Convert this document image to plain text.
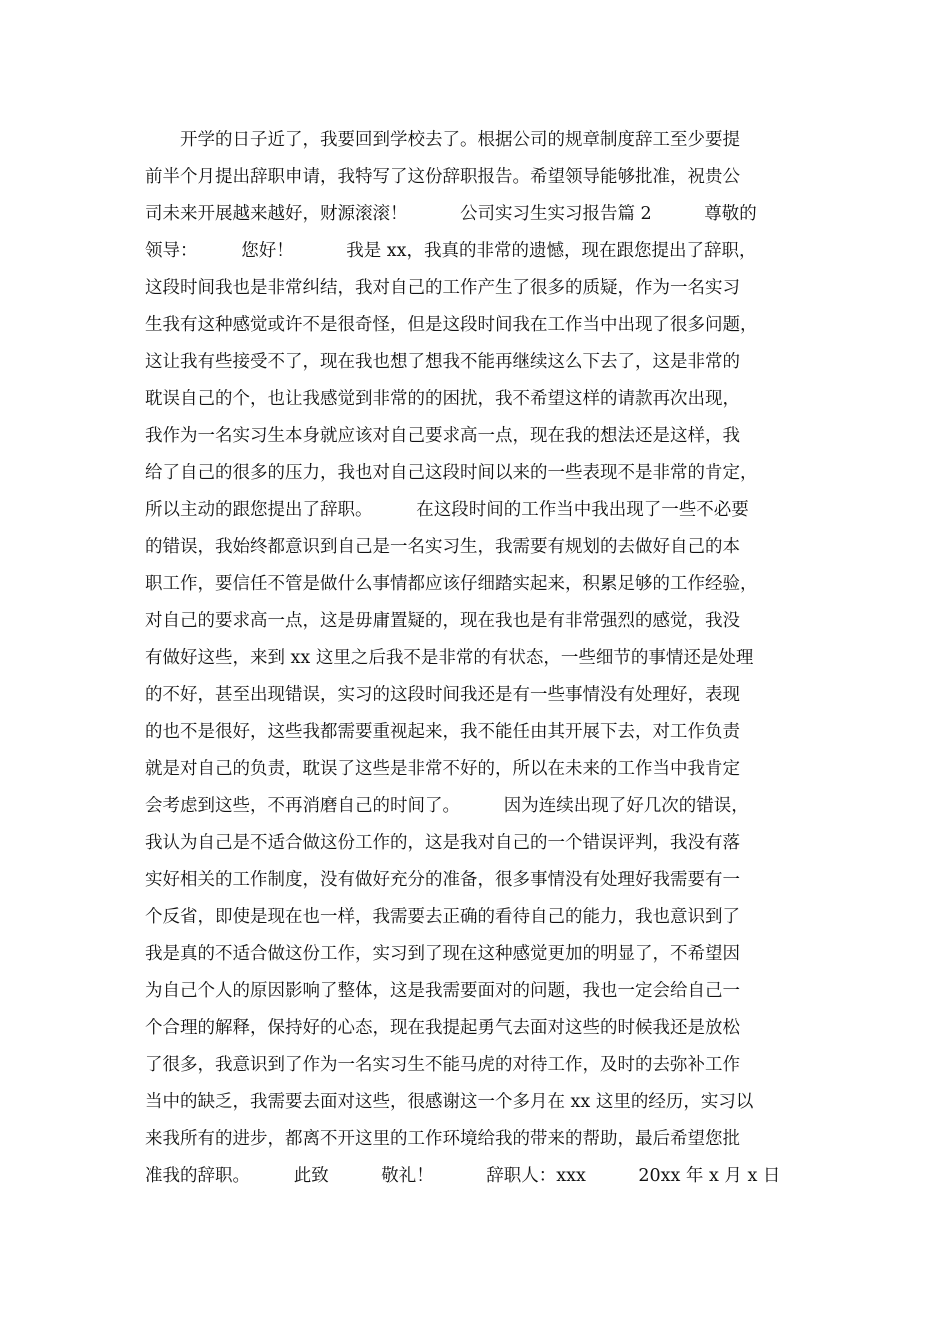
　　开学的日子近了，我要回到学校去了。根据公司的规章制度辞工至少要提
前半个月提出辞职申请，我特写了这份辞职报告。希望领导能够批准，祝贵公
司未来开展越来越好，财源滚滚！　　　公司实习生实习报告篇 2　　　尊敬的
领导：　　　您好！　　　我是 xx，我真的非常的遗憾，现在跟您提出了辞职，
这段时间我也是非常纠结，我对自己的工作产生了很多的质疑，作为一名实习
生我有这种感觉或许不是很奇怪，但是这段时间我在工作当中出现了很多问题，
这让我有些接受不了，现在我也想了想我不能再继续这么下去了，这是非常的
耽误自己的个，也让我感觉到非常的的困扰，我不希望这样的请款再次出现，
我作为一名实习生本身就应该对自己要求高一点，现在我的想法还是这样，我
给了自己的很多的压力，我也对自己这段时间以来的一些表现不是非常的肯定，
所以主动的跟您提出了辞职。　　　在这段时间的工作当中我出现了一些不必要
的错误，我始终都意识到自己是一名实习生，我需要有规划的去做好自己的本
职工作，要信任不管是做什么事情都应该仔细踏实起来，积累足够的工作经验，
对自己的要求高一点，这是毋庸置疑的，现在我也是有非常强烈的感觉，我没
有做好这些，来到 xx 这里之后我不是非常的有状态，一些细节的事情还是处理
的不好，甚至出现错误，实习的这段时间我还是有一些事情没有处理好，表现
的也不是很好，这些我都需要重视起来，我不能任由其开展下去，对工作负责
就是对自己的负责，耽误了这些是非常不好的，所以在未来的工作当中我肯定
会考虑到这些，不再消磨自己的时间了。　　　因为连续出现了好几次的错误，
我认为自己是不适合做这份工作的，这是我对自己的一个错误评判，我没有落
实好相关的工作制度，没有做好充分的准备，很多事情没有处理好我需要有一
个反省，即使是现在也一样，我需要去正确的看待自己的能力，我也意识到了
我是真的不适合做这份工作，实习到了现在这种感觉更加的明显了，不希望因
为自己个人的原因影响了整体，这是我需要面对的问题，我也一定会给自己一
个合理的解释，保持好的心态，现在我提起勇气去面对这些的时候我还是放松
了很多，我意识到了作为一名实习生不能马虎的对待工作，及时的去弥补工作
当中的缺乏，我需要去面对这些，很感谢这一个多月在 xx 这里的经历，实习以
来我所有的进步，都离不开这里的工作环境给我的带来的帮助，最后希望您批
准我的辞职。　　　此致　　　敬礼！　　　辞职人：xxx　　　20xx 年 x 月 x 日
